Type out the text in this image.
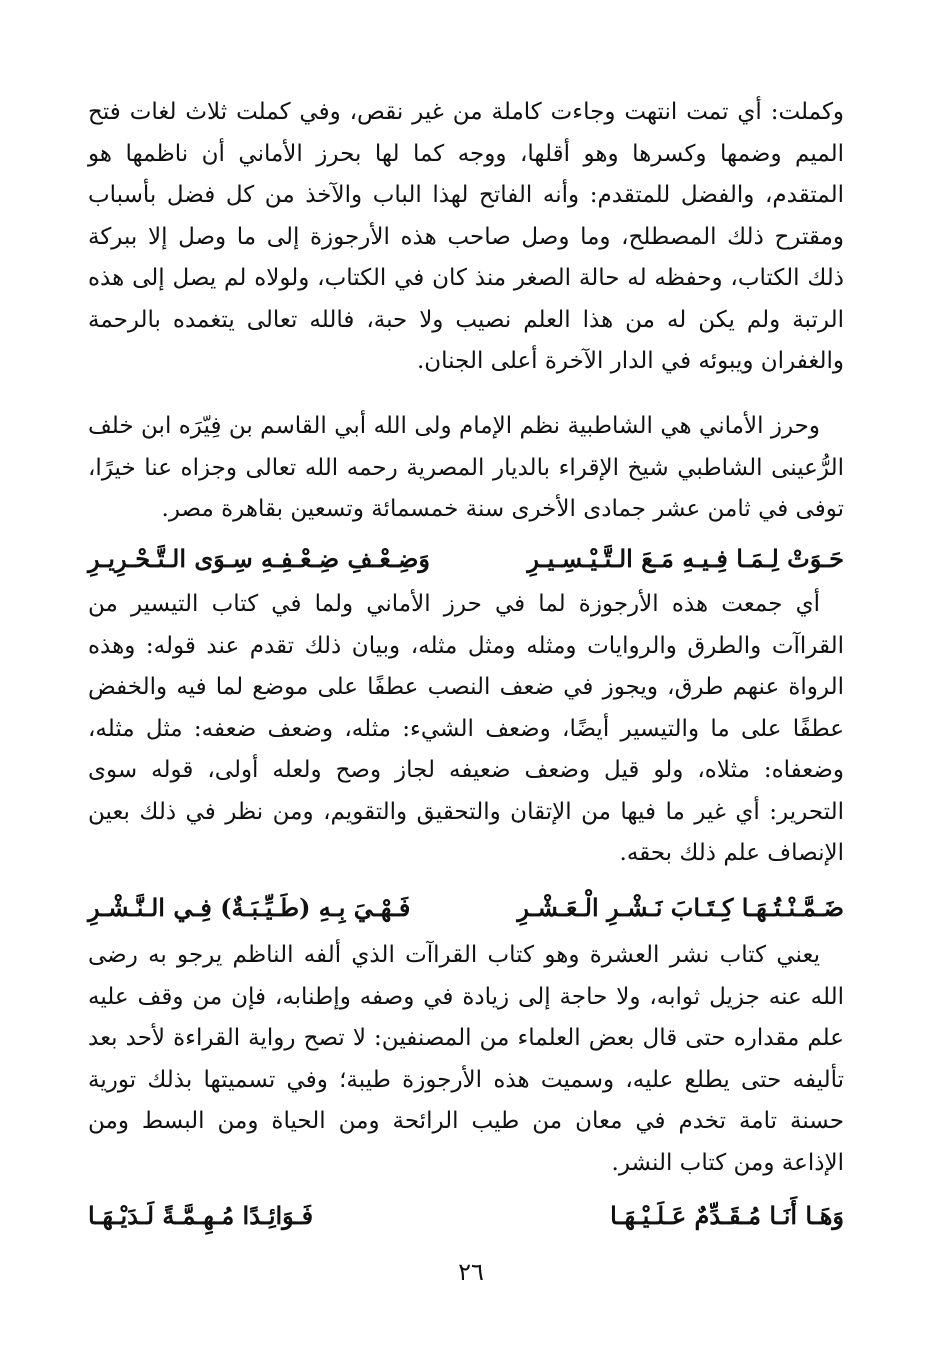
وكملت: أي تمت انتهت وجاءت كاملة من غير نقص، وفي كملت ثلاث لغات فتح الميم وضمها وكسرها وهو أقلها، ووجه كما لها بحرز الأماني أن ناظمها هو المتقدم، والفضل للمتقدم: وأنه الفاتح لهذا الباب والآخذ من كل فضل بأسباب ومقترح ذلك المصطلح، وما وصل صاحب هذه الأرجوزة إلى ما وصل إلا ببركة ذلك الكتاب، وحفظه له حالة الصغر منذ كان في الكتاب، ولولاه لم يصل إلى هذه الرتبة ولم يكن له من هذا العلم نصيب ولا حبة، فالله تعالى يتغمده بالرحمة والغفران ويبوئه في الدار الآخرة أعلى الجنان.

وحرز الأماني هي الشاطبية نظم الإمام ولى الله أبي القاسم بن فِيّرَه ابن خلف الرُّعينى الشاطبي شيخ الإقراء بالديار المصرية رحمه الله تعالى وجزاه عنا خيرًا، توفى في ثامن عشر جمادى الأخرى سنة خمسمائة وتسعين بقاهرة مصر.

حَـوَتْ لِـمَـا فِـيـهِ مَـعَ الـتَّـيْـسِـيـرِ
وَضِـعْـفِ ضِـعْـفِـهِ سِـوَى الـتَّـحْـرِيـرِ

أي جمعت هذه الأرجوزة لما في حرز الأماني ولما في كتاب التيسير من القراآت والطرق والروايات ومثله ومثل مثله، وبيان ذلك تقدم عند قوله: وهذه الرواة عنهم طرق، ويجوز في ضعف النصب عطفًا على موضع لما فيه والخفض عطفًا على ما والتيسير أيضًا، وضعف الشيء: مثله، وضعف ضعفه: مثل مثله، وضعفاه: مثلاه، ولو قيل وضعف ضعيفه لجاز وصح ولعله أولى، قوله سوى التحرير: أي غير ما فيها من الإتقان والتحقيق والتقويم، ومن نظر في ذلك بعين الإنصاف علم ذلك بحقه.

ضَـمَّـنْـتُـهَـا كِـتَـابَ نَـشْـرِ الْـعَـشْـرِ
فَـهْـيَ بِـهِ (طَـيِّـبَـةٌ) فِـي الـنَّـشْـرِ

يعني كتاب نشر العشرة وهو كتاب القراآت الذي ألفه الناظم يرجو به رضى الله عنه جزيل ثوابه، ولا حاجة إلى زيادة في وصفه وإطنابه، فإن من وقف عليه علم مقداره حتى قال بعض العلماء من المصنفين: لا تصح رواية القراءة لأحد بعد تأليفه حتى يطلع عليه، وسميت هذه الأرجوزة طيبة؛ وفي تسميتها بذلك تورية حسنة تامة تخدم في معان من طيب الرائحة ومن الحياة ومن البسط ومن الإذاعة ومن كتاب النشر.

وَهَـا أَنَـا مُـقَـدِّمٌ عَـلَـيْـهَـا
فَـوَائِـدًا مُـهِـمَّـةً لَـدَيْـهَـا
٢٦
